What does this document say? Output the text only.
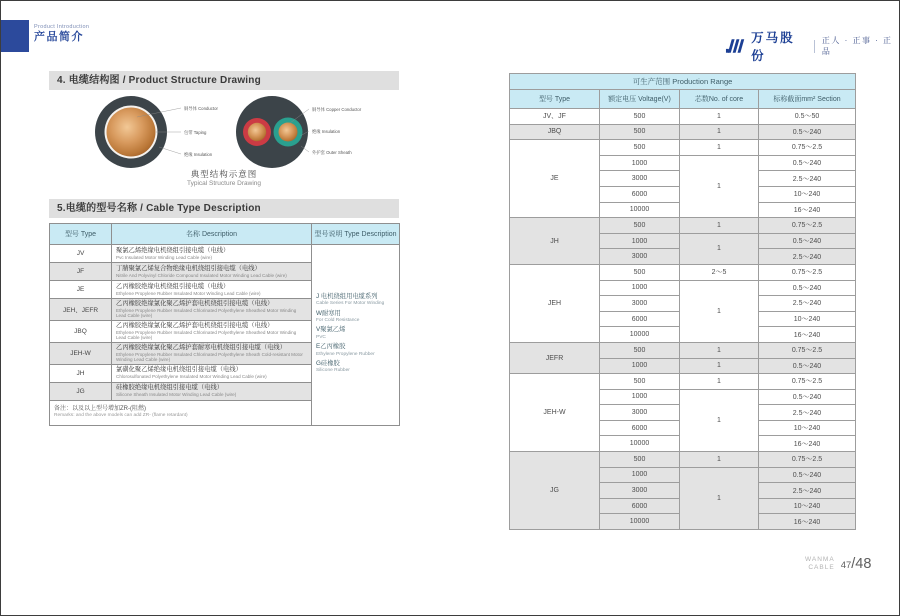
Product Introduction
产品简介	万马股份
正人 · 正事 · 正品
4. 电缆结构图 / Product Structure Drawing
铜导体 Conductor
包带 Taping
绝缘 Insulation
铜导体 Copper Conductor
绝缘 Insulation
外护套 Outer Sheath
典型结构示意图
Typical Structure Drawing
5.电缆的型号名称 / Cable Type Description
型号 Type	名称 Description	型号说明 Type Description
JV	聚氯乙烯绝缘电机绕组引接电缆（电线）
Pvc Insulated Motor Winding Lead Cable (wire)

J 电机绕组用电缆系列
Cable Series For Motor Winding
W耐寒用
For Cold Resistance
V聚氯乙烯
PVC
E乙丙橡胶
Ethylene Propylene Rubber
G硅橡胶
Silicone Rubber

JF	丁腈聚氯乙烯复合物绝缘电机绕组引接电缆（电线）
Nitrile And Polyvinyl Chloride Compound Insulated Motor Winding Lead Cable (wire)	

JE	乙丙橡胶绝缘电机绕组引接电缆（电线）
Ethylene Propylene Rubber Insulated Motor Winding Lead Cable (wire)	

JEH、JEFR	乙丙橡胶绝缘氯化聚乙烯护套电机绕组引接电缆（电线）
Ethylene Propylene Rubber Insulated Chlorinated Polyethylene Sheathed Motor Winding Lead Cable (wire)	

JBQ	乙丙橡胶绝缘氯化聚乙烯护套电机绕组引接电缆（电线）
Ethylene Propylene Rubber Insulated Chlorinated Polyethylene Sheathed Motor Winding Lead Cable (wire)	

JEH-W	乙丙橡胶绝缘氯化聚乙烯护套耐寒电机绕组引接电缆（电线）
Ethylene Propylene Rubber Insulated Chlorinated Polyethylene Sheath Cold-resistant Motor Winding Lead Cable (wire)	

JH	氯磺化聚乙烯绝缘电机绕组引接电缆（电线）
Chlorosulfonated Polyethylene Insulated Motor Winding Lead Cable (wire)	

JG	硅橡胶绝缘电机绕组引接电缆（电线）
Silicone Sheath Insulated Motor Winding Lead Cable (wire)	

备注：以及以上型号增加ZR-(阻燃)
Remarks: and the above models can add ZR- (flame retardant)		
可生产范围 Production Range			
型号 Type	额定电压 Voltage(V)	芯数No. of core	标称截面mm² Section
JV、JF	500	1	0.5～50
JBQ	500	1	0.5～240
JE	500	1	0.75～2.5
	1000	1	0.5～240
	3000		2.5～240
	6000		10～240
	10000		16～240
JH	500	1	0.75～2.5
	1000	1	0.5～240
	3000		2.5～240
JEH	500	2～5	0.75～2.5
	1000	1	0.5～240
	3000		2.5～240
	6000		10～240
	10000		16～240
JEFR	500	1	0.75～2.5
	1000	1	0.5～240
JEH-W	500	1	0.75～2.5
	1000	1	0.5～240
	3000		2.5～240
	6000		10～240
	10000		16～240
JG	500	1	0.75～2.5
	1000	1	0.5～240
	3000		2.5～240
	6000		10～240
	10000		16～240
WANMA
CABLE 47 /48
